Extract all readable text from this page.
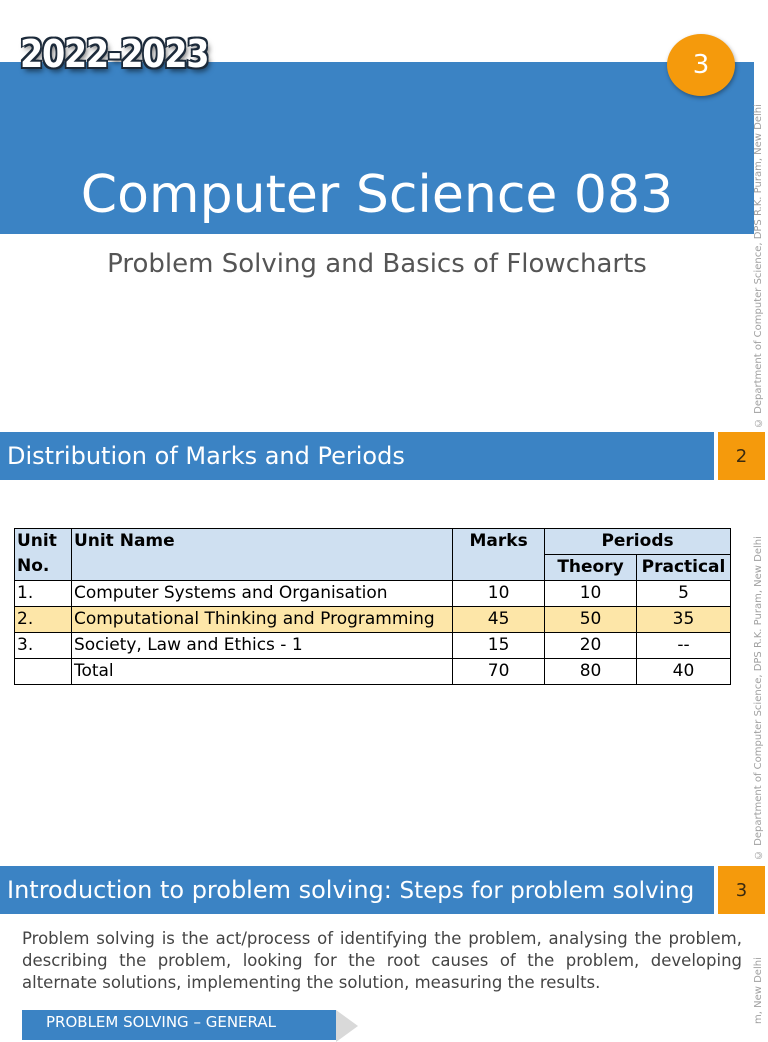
2022-2023	3
Computer Science 083
Problem Solving and Basics of Flowcharts	© Department of Computer Science, DPS R.K. Puram, New Delhi
Distribution of Marks and Periods	2
© Department of Computer Science, DPS R.K. Puram, New Delhi
Unit
No.	Unit Name	Marks	Periods	
			Theory	Practical
1.	Computer Systems and Organisation	10	10	5
2.	Computational Thinking and Programming	45	50	35
3.	Society, Law and Ethics - 1	15	20	--
	Total	70	80	40
Introduction to problem solving: Steps for problem solving	3
m, New Delhi
Problem solving is the act/process of identifying the problem, analysing the problem, describing the problem, looking for the root causes of the problem, developing alternate solutions, implementing the solution, measuring the results.
PROBLEM SOLVING – GENERAL
